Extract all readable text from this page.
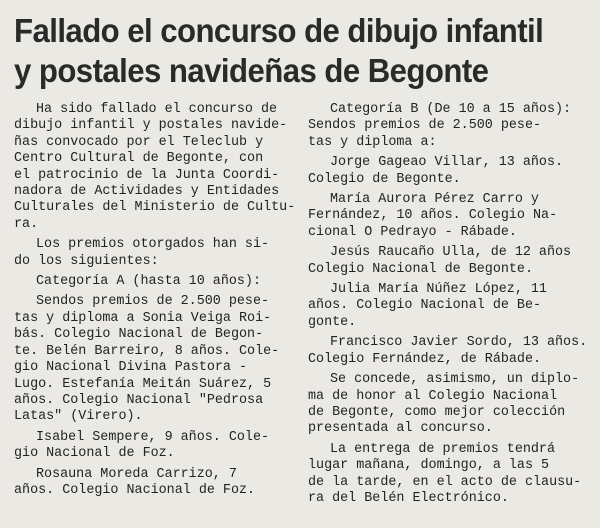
Fallado el concurso de dibujo infantil
y postales navideñas de Begonte

Ha sido fallado el concurso de
dibujo infantil y postales navide-
ñas convocado por el Teleclub y
Centro Cultural de Begonte, con
el patrocinio de la Junta Coordi-
nadora de Actividades y Entidades
Culturales del Ministerio de Cultu-
ra.

Los premios otorgados han si-
do los siguientes:

Categoría A (hasta 10 años):

Sendos premios de 2.500 pese-
tas y diploma a Sonia Veiga Roi-
bás. Colegio Nacional de Begon-
te. Belén Barreiro, 8 años. Cole-
gio Nacional Divina Pastora -
Lugo. Estefanía Meitán Suárez, 5
años. Colegio Nacional "Pedrosa
Latas" (Virero).

Isabel Sempere, 9 años. Cole-
gio Nacional de Foz.

Rosauna Moreda Carrizo, 7
años. Colegio Nacional de Foz.

Categoría B (De 10 a 15 años):
Sendos premios de 2.500 pese-
tas y diploma a:

Jorge Gageao Villar, 13 años.
Colegio de Begonte.

María Aurora Pérez Carro y
Fernández, 10 años. Colegio Na-
cional O Pedrayo - Rábade.

Jesús Raucaño Ulla, de 12 años
Colegio Nacional de Begonte.

Julia María Núñez López, 11
años. Colegio Nacional de Be-
gonte.

Francisco Javier Sordo, 13 años.
Colegio Fernández, de Rábade.

Se concede, asimismo, un diplo-
ma de honor al Colegio Nacional
de Begonte, como mejor colección
presentada al concurso.

La entrega de premios tendrá
lugar mañana, domingo, a las 5
de la tarde, en el acto de clausu-
ra del Belén Electrónico.
